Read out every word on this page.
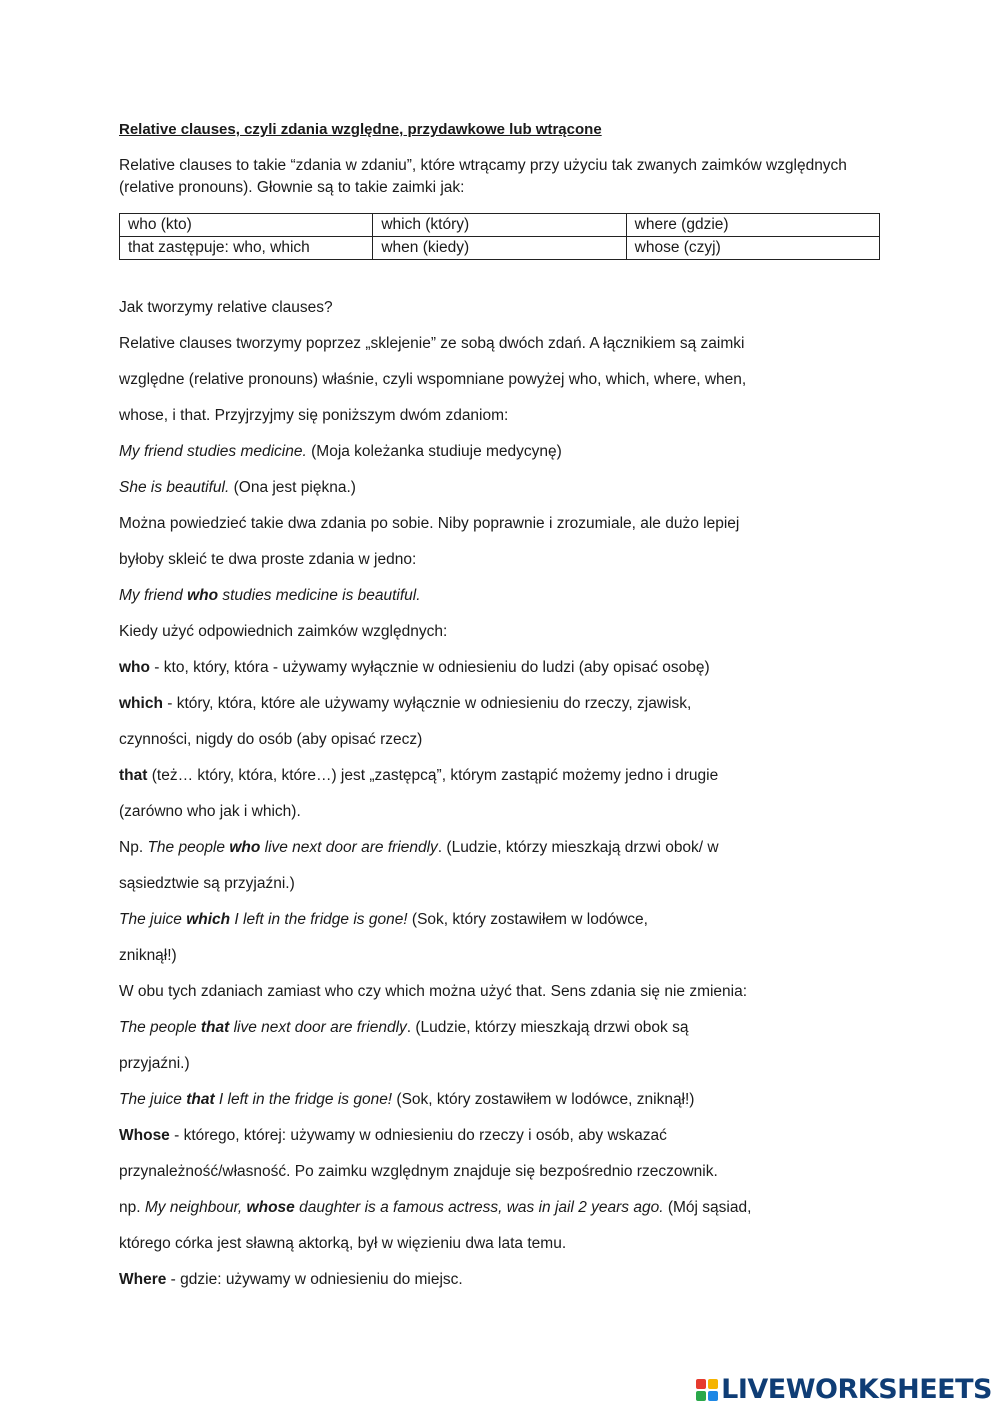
Relative clauses, czyli zdania względne, przydawkowe lub wtrącone
Relative clauses to takie “zdania w zdaniu”, które wtrącamy przy użyciu tak zwanych zaimków względnych (relative pronouns). Głownie są to takie zaimki jak:
who (kto)	which (który)	where (gdzie)
that zastępuje: who, which	when (kiedy)	whose (czyj)
Jak tworzymy relative clauses?
Relative clauses tworzymy poprzez „sklejenie” ze sobą dwóch zdań. A łącznikiem są zaimki
względne (relative pronouns) właśnie, czyli wspomniane powyżej who, which, where, when,
whose, i that. Przyjrzyjmy się poniższym dwóm zdaniom:
My friend studies medicine. (Moja koleżanka studiuje medycynę)
She is beautiful. (Ona jest piękna.)
Można powiedzieć takie dwa zdania po sobie. Niby poprawnie i zrozumiale, ale dużo lepiej
byłoby skleić te dwa proste zdania w jedno:
My friend who studies medicine is beautiful.
Kiedy użyć odpowiednich zaimków względnych:
who - kto, który, która - używamy wyłącznie w odniesieniu do ludzi (aby opisać osobę)
which - który, która, które ale używamy wyłącznie w odniesieniu do rzeczy, zjawisk,
czynności, nigdy do osób (aby opisać rzecz)
that (też… który, która, które…) jest „zastępcą”, którym zastąpić możemy jedno i drugie
(zarówno who jak i which).
Np. The people who live next door are friendly. (Ludzie, którzy mieszkają drzwi obok/ w
sąsiedztwie są przyjaźni.)
The juice which I left in the fridge is gone! (Sok, który zostawiłem w lodówce,
zniknął!)
W obu tych zdaniach zamiast who czy which można użyć that. Sens zdania się nie zmienia:
The people that live next door are friendly. (Ludzie, którzy mieszkają drzwi obok są
przyjaźni.)
The juice that I left in the fridge is gone! (Sok, który zostawiłem w lodówce, zniknął!)
Whose - którego, której: używamy w odniesieniu do rzeczy i osób, aby wskazać
przynależność/własność. Po zaimku względnym znajduje się bezpośrednio rzeczownik.
np. My neighbour, whose daughter is a famous actress, was in jail 2 years ago. (Mój sąsiad,
którego córka jest sławną aktorką, był w więzieniu dwa lata temu.
Where - gdzie: używamy w odniesieniu do miejsc.
LIVEWORKSHEETS
